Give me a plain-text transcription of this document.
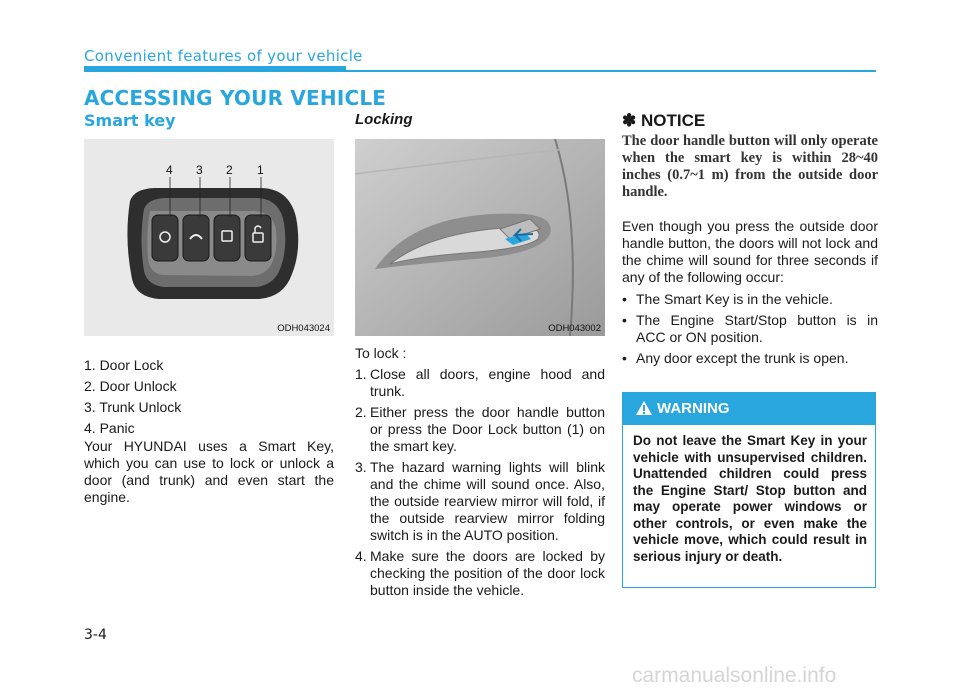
Convenient features of your vehicle
ACCESSING YOUR VEHICLE
Smart key
4 3 2 1
ODH043024
1. Door Lock
2. Door Unlock
3. Trunk Unlock
4. Panic

Your HYUNDAI uses a Smart Key, which you can use to lock or unlock a door (and trunk) and even start the engine.

Locking
ODH043002

To lock :

1. Close all doors, engine hood and trunk.
2. Either press the door handle button or press the Door Lock button (1) on the smart key.
3. The hazard warning lights will blink and the chime will sound once. Also, the outside rearview mirror will fold, if the outside rearview mirror folding switch is in the AUTO position.
4. Make sure the doors are locked by checking the position of the door lock button inside the vehicle.
✽ NOTICE
The door handle button will only operate when the smart key is within 28~40 inches (0.7~1 m) from the outside door handle.

Even though you press the outside door handle button, the doors will not lock and the chime will sound for three seconds if any of the following occur:

• The Smart Key is in the vehicle.
• The Engine Start/Stop button is in ACC or ON position.
• Any door except the trunk is open.
WARNING
Do not leave the Smart Key in your vehicle with unsupervised children. Unattended children could press the Engine Start/ Stop button and may operate power windows or other controls, or even make the vehicle move, which could result in serious injury or death.
3-4
carmanualsonline.info
